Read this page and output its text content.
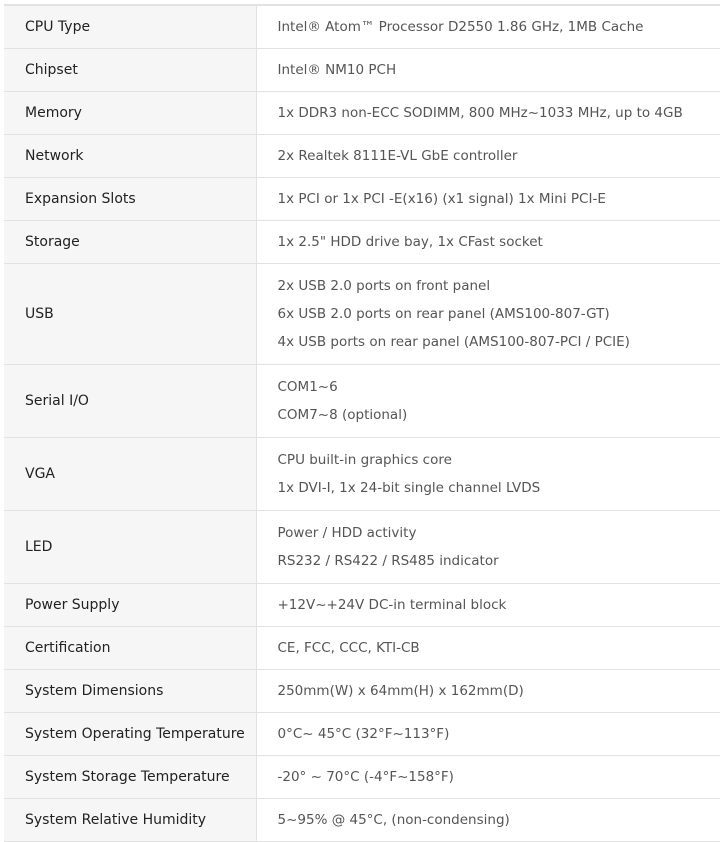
CPU Type	Intel® Atom™ Processor D2550 1.86 GHz, 1MB Cache

Chipset	Intel® NM10 PCH

Memory	1x DDR3 non-ECC SODIMM, 800 MHz~1033 MHz, up to 4GB

Network	2x Realtek 8111E-VL GbE controller

Expansion Slots	1x PCI or 1x PCI -E(x16) (x1 signal) 1x Mini PCI-E

Storage	1x 2.5" HDD drive bay, 1x CFast socket

USB	2x USB 2.0 ports on front panel
6x USB 2.0 ports on rear panel (AMS100-807-GT)
4x USB ports on rear panel (AMS100-807-PCI / PCIE)

Serial I/O	COM1~6
COM7~8 (optional)

VGA	CPU built-in graphics core
1x DVI-I, 1x 24-bit single channel LVDS

LED	Power / HDD activity
RS232 / RS422 / RS485 indicator

Power Supply	+12V~+24V DC-in terminal block

Certification	CE, FCC, CCC, KTI-CB

System Dimensions	250mm(W) x 64mm(H) x 162mm(D)

System Operating Temperature	0°C~ 45°C (32°F~113°F)

System Storage Temperature	-20° ~ 70°C (-4°F~158°F)

System Relative Humidity	5~95% @ 45°C, (non-condensing)
